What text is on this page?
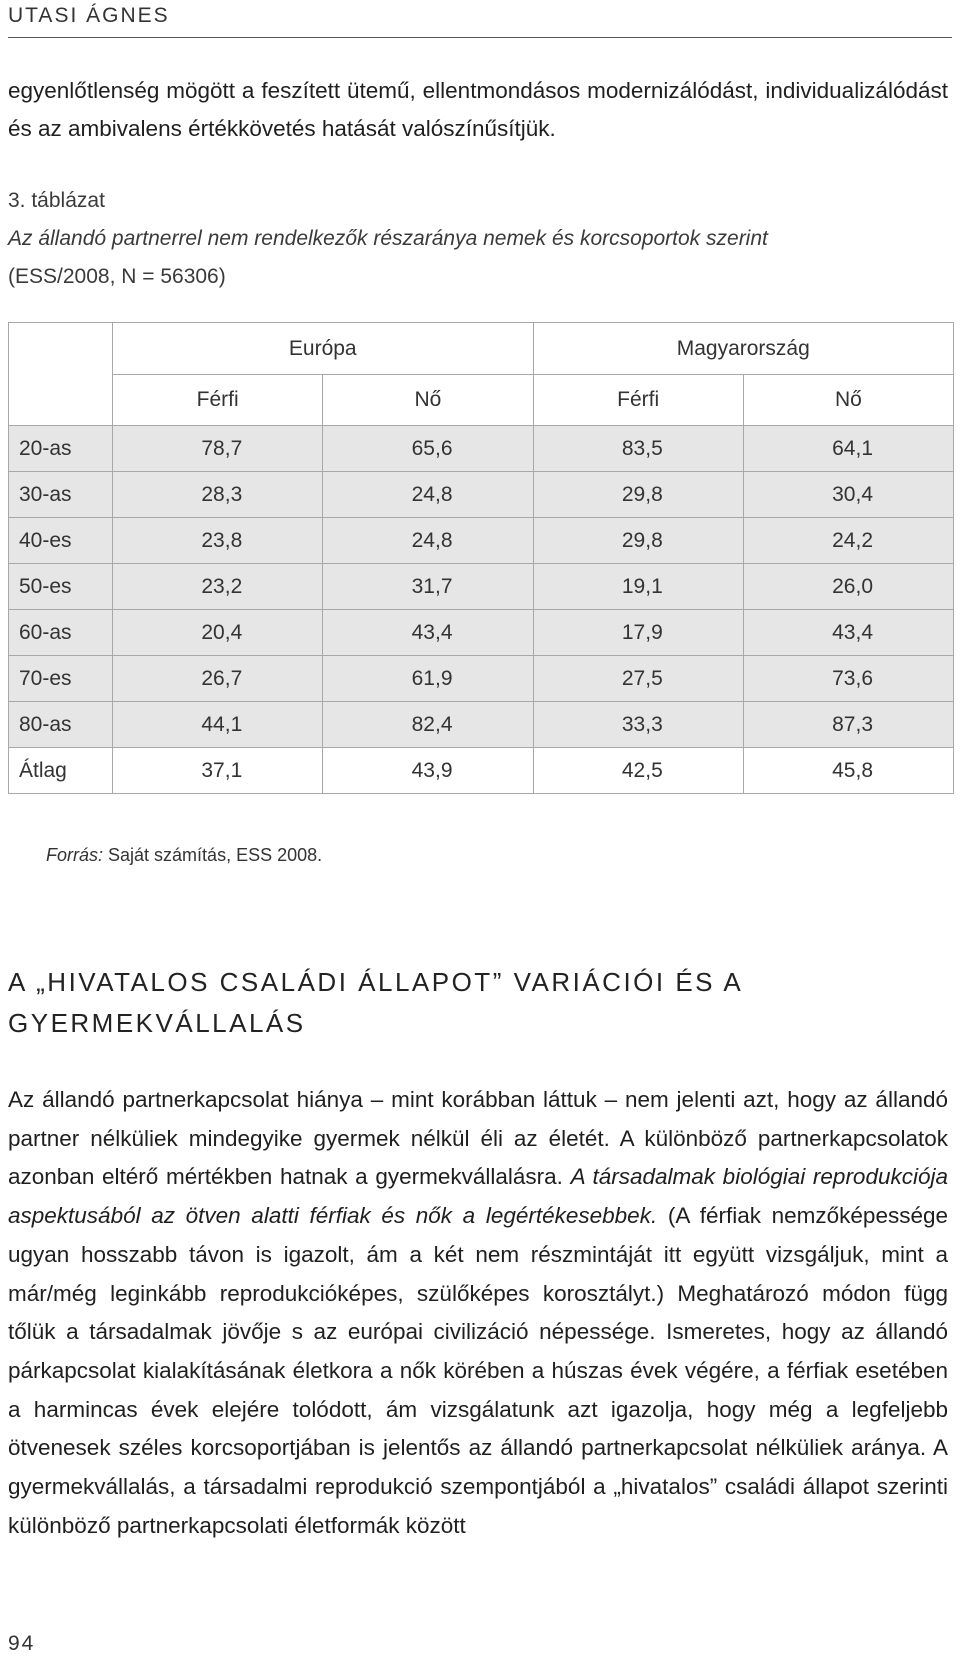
UTASI ÁGNES

egyenlőtlenség mögött a feszített ütemű, ellentmondásos modernizálódást, individualizálódást és az ambivalens értékkövetés hatását valószínűsítjük.

3. táblázat
Az állandó partnerrel nem rendelkezők részaránya nemek és korcsoportok szerint
(ESS/2008, N = 56306)
	Európa		Magyarország	
	Férfi	Nő	Férfi	Nő
20-as	78,7	65,6	83,5	64,1
30-as	28,3	24,8	29,8	30,4
40-es	23,8	24,8	29,8	24,2
50-es	23,2	31,7	19,1	26,0
60-as	20,4	43,4	17,9	43,4
70-es	26,7	61,9	27,5	73,6
80-as	44,1	82,4	33,3	87,3
Átlag	37,1	43,9	42,5	45,8
Forrás: Saját számítás, ESS 2008.
A „HIVATALOS CSALÁDI ÁLLAPOT” VARIÁCIÓI ÉS A GYERMEKVÁLLALÁS

Az állandó partnerkapcsolat hiánya – mint korábban láttuk – nem jelenti azt, hogy az állandó partner nélküliek mindegyike gyermek nélkül éli az életét. A különböző partnerkapcsolatok azonban eltérő mértékben hatnak a gyermekvállalásra. A társadalmak biológiai reprodukciója aspektusából az ötven alatti férfiak és nők a legértékesebbek. (A férfiak nemzőképessége ugyan hosszabb távon is igazolt, ám a két nem részmintáját itt együtt vizsgáljuk, mint a már/még leginkább reprodukcióképes, szülőképes korosztályt.) Meghatározó módon függ tőlük a társadalmak jövője s az európai civilizáció népessége. Ismeretes, hogy az állandó párkapcsolat kialakításának életkora a nők körében a húszas évek végére, a férfiak esetében a harmincas évek elejére tolódott, ám vizsgálatunk azt igazolja, hogy még a legfeljebb ötvenesek széles korcsoportjában is jelentős az állandó partnerkapcsolat nélküliek aránya. A gyermekvállalás, a társadalmi reprodukció szempontjából a „hivatalos” családi állapot szerinti különböző partnerkapcsolati életformák között

94
